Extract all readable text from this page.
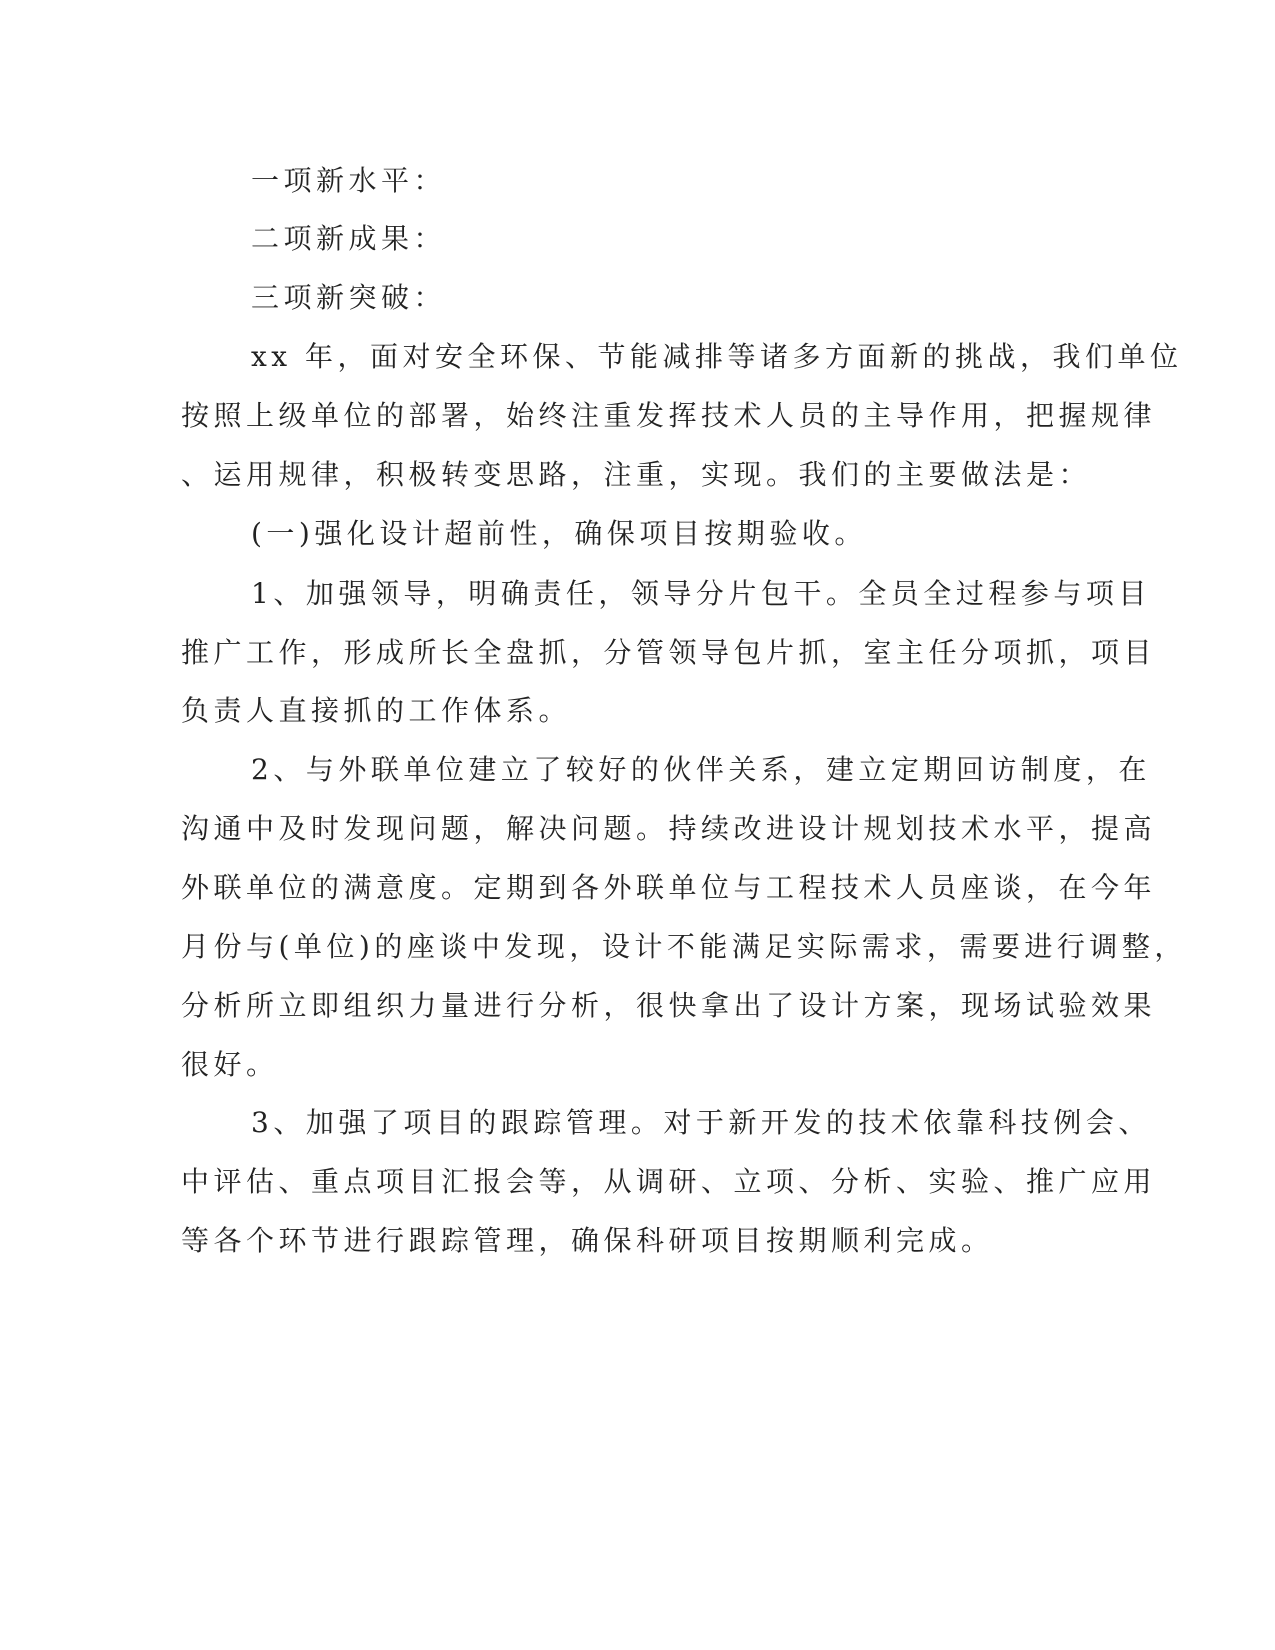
一项新水平：

二项新成果：

三项新突破：

xx 年，面对安全环保、节能减排等诸多方面新的挑战，我们单位

按照上级单位的部署，始终注重发挥技术人员的主导作用，把握规律

、运用规律，积极转变思路，注重，实现。我们的主要做法是：

(一)强化设计超前性，确保项目按期验收。

1、加强领导，明确责任，领导分片包干。全员全过程参与项目

推广工作，形成所长全盘抓，分管领导包片抓，室主任分项抓，项目

负责人直接抓的工作体系。

2、与外联单位建立了较好的伙伴关系，建立定期回访制度，在

沟通中及时发现问题，解决问题。持续改进设计规划技术水平，提高

外联单位的满意度。定期到各外联单位与工程技术人员座谈，在今年

月份与(单位)的座谈中发现，设计不能满足实际需求，需要进行调整，

分析所立即组织力量进行分析，很快拿出了设计方案，现场试验效果

很好。

3、加强了项目的跟踪管理。对于新开发的技术依靠科技例会、

中评估、重点项目汇报会等，从调研、立项、分析、实验、推广应用

等各个环节进行跟踪管理，确保科研项目按期顺利完成。
